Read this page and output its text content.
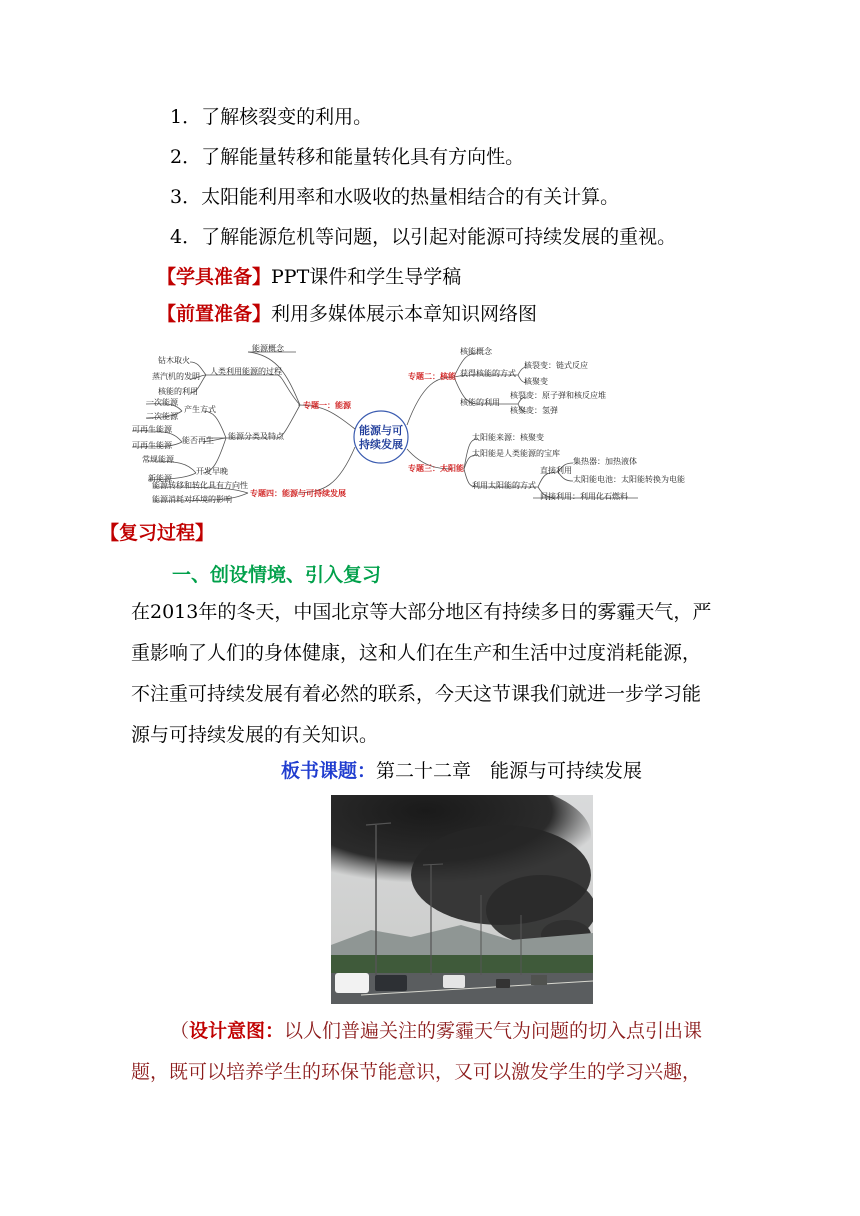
1．了解核裂变的利用。
2．了解能量转移和能量转化具有方向性。
3．太阳能利用率和水吸收的热量相结合的有关计算。
4．了解能源危机等问题，以引起对能源可持续发展的重视。
【学具准备】PPT课件和学生导学稿
【前置准备】利用多媒体展示本章知识网络图
能源与可
持续发展
专题一：能源
专题二：核能
专题三：太阳能
专题四：能源与可持续发展
能源概念
人类利用能源的过程
钻木取火
蒸汽机的发明
核能的利用
能源分类及特点
产生方式
一次能源
二次能源
能否再生
可再生能源
可再生能源
开发早晚
常规能源
新能源
能源转移和转化具有方向性
能源消耗对环境的影响
核能概念
获得核能的方式
核裂变：链式反应
核聚变
核能的利用
核裂变：原子弹和核反应堆
核聚变：氢弹
太阳能来源：核聚变
太阳能是人类能源的宝库
利用太阳能的方式
直接利用
集热器：加热液体
太阳能电池：太阳能转换为电能
间接利用：利用化石燃料
【复习过程】
一、创设情境、引入复习
在2013年的冬天，中国北京等大部分地区有持续多日的雾霾天气，严
重影响了人们的身体健康，这和人们在生产和生活中过度消耗能源，
不注重可持续发展有着必然的联系，今天这节课我们就进一步学习能
源与可持续发展的有关知识。
板书课题：第二十二章　能源与可持续发展
（设计意图：以人们普遍关注的雾霾天气为问题的切入点引出课
题，既可以培养学生的环保节能意识，又可以激发学生的学习兴趣，
